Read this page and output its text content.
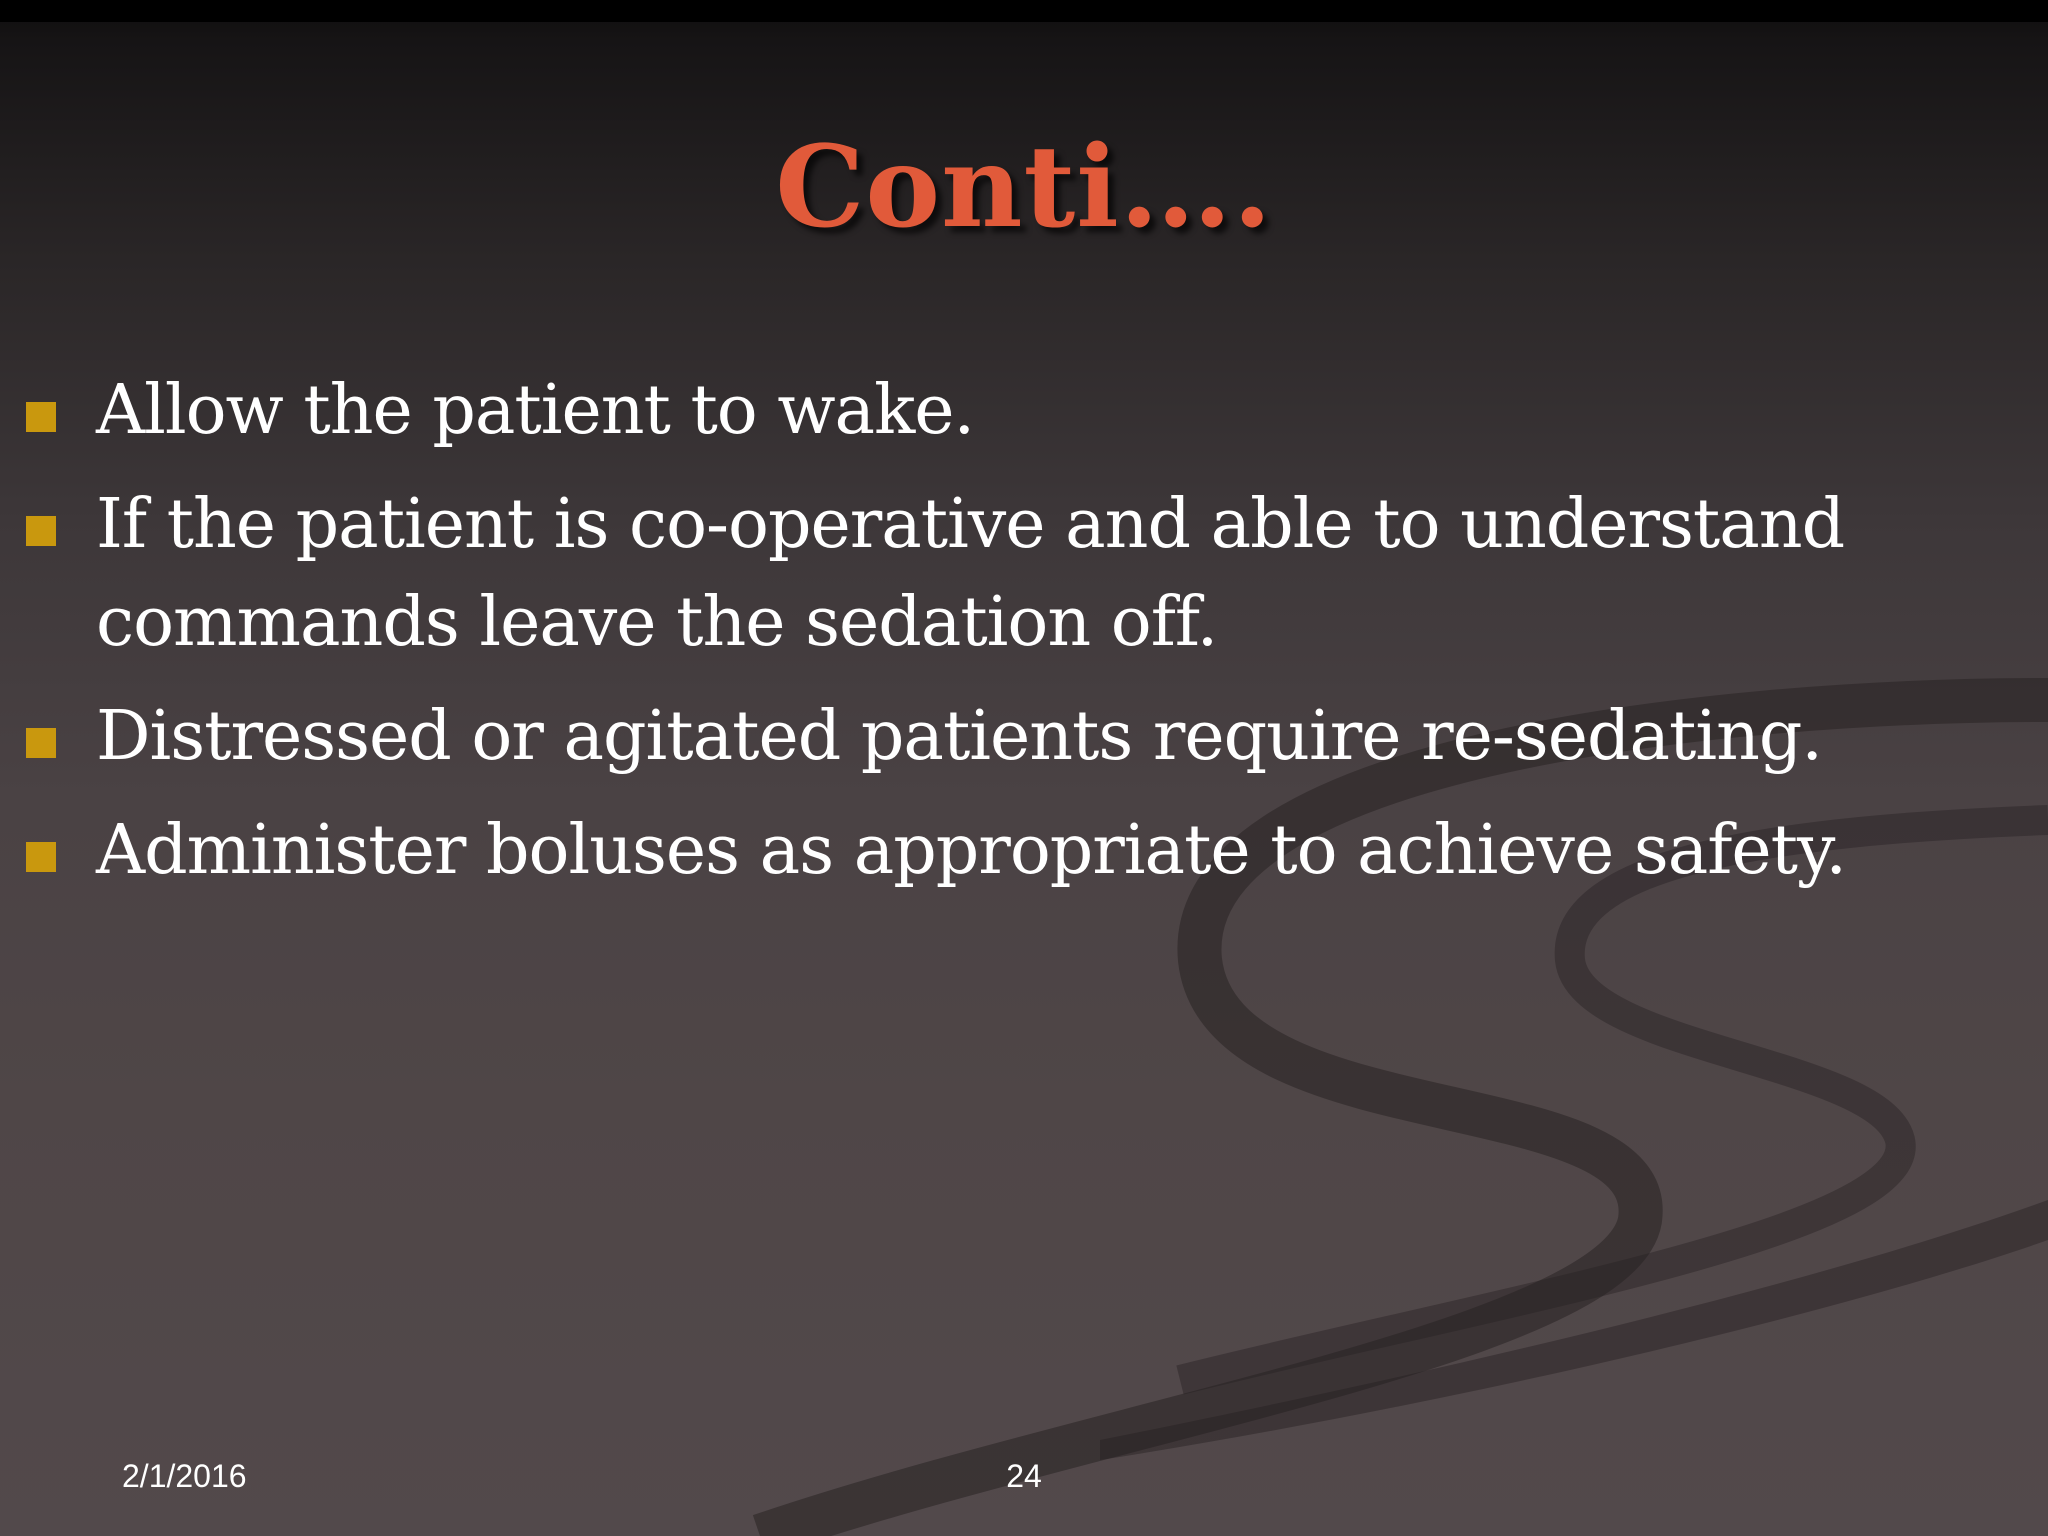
Conti….
Allow the patient to wake.
If the patient is co-operative and able to understand commands leave the sedation off.
Distressed or agitated patients require re-sedating.
Administer boluses as appropriate to achieve safety.
2/1/2016	24
